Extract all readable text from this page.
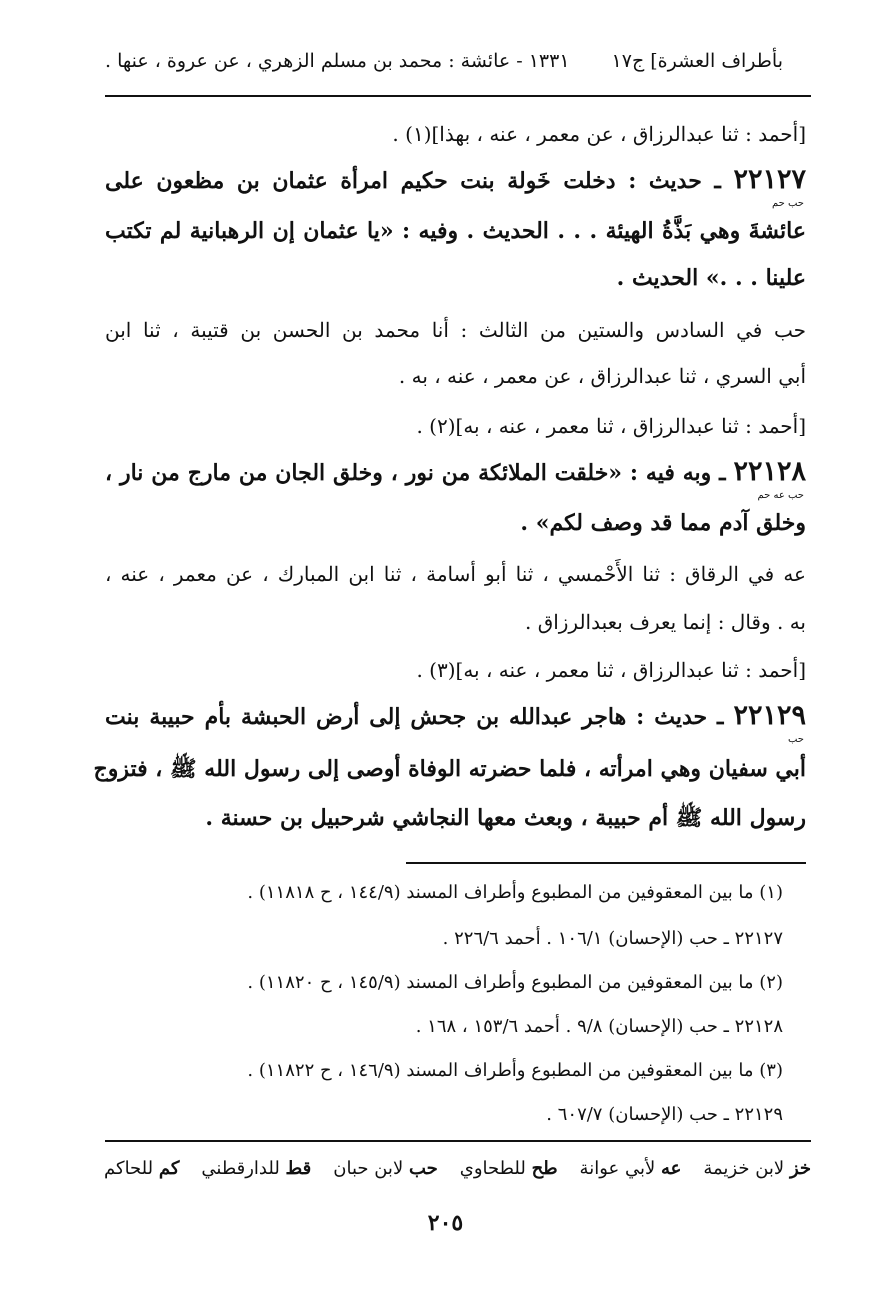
بأطراف العشرة] ج١٧
١٣٣١ - عائشة : محمد بن مسلم الزهري ، عن عروة ، عنها .
[أحمد : ثنا عبدالرزاق ، عن معمر ، عنه ، بهذا](١) .
٢٢١٢٧ ـ حديث : دخلت خَولة بنت حكيم امرأة عثمان بن مظعون على
حب حم
عائشةَ وهي بَذَّةُ الهيئة . . . الحديث . وفيه : «يا عثمان إن الرهبانية لم تكتب
علينا . . .» الحديث .
حب في السادس والستين من الثالث : أنا محمد بن الحسن بن قتيبة ، ثنا ابن
أبي السري ، ثنا عبدالرزاق ، عن معمر ، عنه ، به .
[أحمد : ثنا عبدالرزاق ، ثنا معمر ، عنه ، به](٢) .
٢٢١٢٨ ـ وبه فيه : «خلقت الملائكة من نور ، وخلق الجان من مارج من نار ،
حب عه حم
وخلق آدم مما قد وصف لكم» .
عه في الرقاق : ثنا الأَحْمسي ، ثنا أبو أسامة ، ثنا ابن المبارك ، عن معمر ، عنه ،
به . وقال : إنما يعرف بعبدالرزاق .
[أحمد : ثنا عبدالرزاق ، ثنا معمر ، عنه ، به](٣) .
٢٢١٢٩ ـ حديث : هاجر عبدالله بن جحش إلى أرض الحبشة بأم حبيبة بنت
حب
أبي سفيان وهي امرأته ، فلما حضرته الوفاة أوصى إلى رسول الله ﷺ ، فتزوج
رسول الله ﷺ أم حبيبة ، وبعث معها النجاشي شرحبيل بن حسنة .
(١) ما بين المعقوفين من المطبوع وأطراف المسند (١٤٤/٩ ، ح ١١٨١٨) .
٢٢١٢٧ ـ حب (الإحسان) ١٠٦/١ . أحمد ٢٢٦/٦ .
(٢) ما بين المعقوفين من المطبوع وأطراف المسند (١٤٥/٩ ، ح ١١٨٢٠) .
٢٢١٢٨ ـ حب (الإحسان) ٩/٨ . أحمد ١٥٣/٦ ، ١٦٨ .
(٣) ما بين المعقوفين من المطبوع وأطراف المسند (١٤٦/٩ ، ح ١١٨٢٢) .
٢٢١٢٩ ـ حب (الإحسان) ٦٠٧/٧ .
خز لابن خزيمة
عه لأبي عوانة
طح للطحاوي
حب لابن حبان
قط للدارقطني
كم للحاكم
٢٠٥
